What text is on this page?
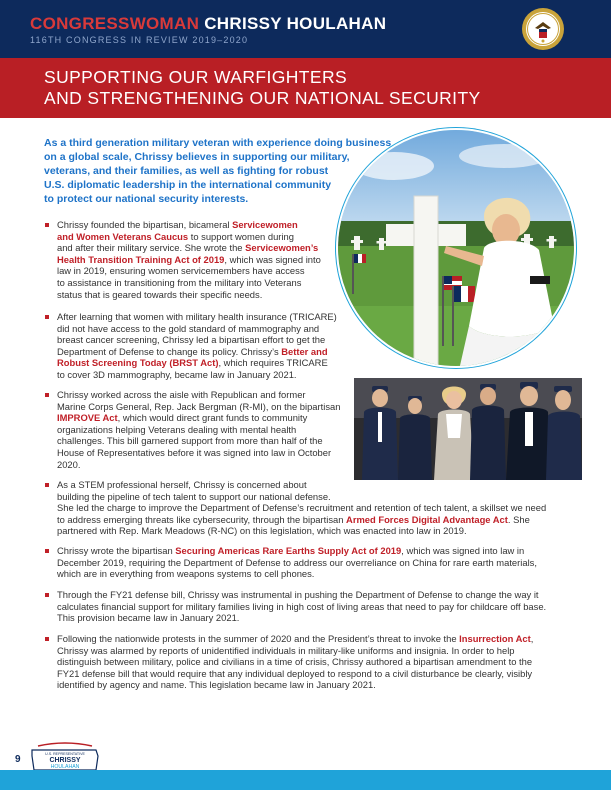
CONGRESSWOMAN CHRISSY HOULAHAN
116TH CONGRESS IN REVIEW 2019–2020
SUPPORTING OUR WARFIGHTERS
AND STRENGTHENING OUR NATIONAL SECURITY
As a third generation military veteran with experience doing business
on a global scale, Chrissy believes in supporting our military,
veterans, and their families, as well as fighting for robust
U.S. diplomatic leadership in the international community
to protect our national security interests.
Chrissy founded the bipartisan, bicameral Servicewomen
and Women Veterans Caucus to support women during
and after their military service. She wrote the Servicewomen’s
Health Transition Training Act of 2019, which was signed into
law in 2019, ensuring women servicemembers have access
to assistance in transitioning from the military into Veterans
status that is geared towards their specific needs.
After learning that women with military health insurance (TRICARE)
did not have access to the gold standard of mammography and
breast cancer screening, Chrissy led a bipartisan effort to get the
Department of Defense to change its policy. Chrissy’s Better and
Robust Screening Today (BRST Act), which requires TRICARE
to cover 3D mammography, became law in January 2021.
Chrissy worked across the aisle with Republican and former
Marine Corps General, Rep. Jack Bergman (R-MI), on the bipartisan
IMPROVE Act, which would direct grant funds to community
organizations helping Veterans dealing with mental health
challenges. This bill garnered support from more than half of the
House of Representatives before it was signed into law in October
2020.
As a STEM professional herself, Chrissy is concerned about
building the pipeline of tech talent to support our national defense.
She led the charge to improve the Department of Defense’s recruitment and retention of tech talent, a skillset we need
to address emerging threats like cybersecurity, through the bipartisan Armed Forces Digital Advantage Act. She
partnered with Rep. Mark Meadows (R-NC) on this legislation, which was enacted into law in 2019.
Chrissy wrote the bipartisan Securing Americas Rare Earths Supply Act of 2019, which was signed into law in
December 2019, requiring the Department of Defense to address our overreliance on China for rare earth materials,
which are in everything from weapons systems to cell phones.
Through the FY21 defense bill, Chrissy was instrumental in pushing the Department of Defense to change the way it
calculates financial support for military families living in high cost of living areas that need to pay for childcare off base.
This provision became law in January 2021.
Following the nationwide protests in the summer of 2020 and the President’s threat to invoke the Insurrection Act,
Chrissy was alarmed by reports of unidentified individuals in military-like uniforms and insignia. In order to help
distinguish between military, police and civilians in a time of crisis, Chrissy authored a bipartisan amendment to the
FY21 defense bill that would require that any individual deployed to respond to a civil disturbance be clearly, visibly
identified by agency and name. This legislation became law in January 2021.
9	U.S. REPRESENTATIVE
CHRISSY
HOULAHAN
